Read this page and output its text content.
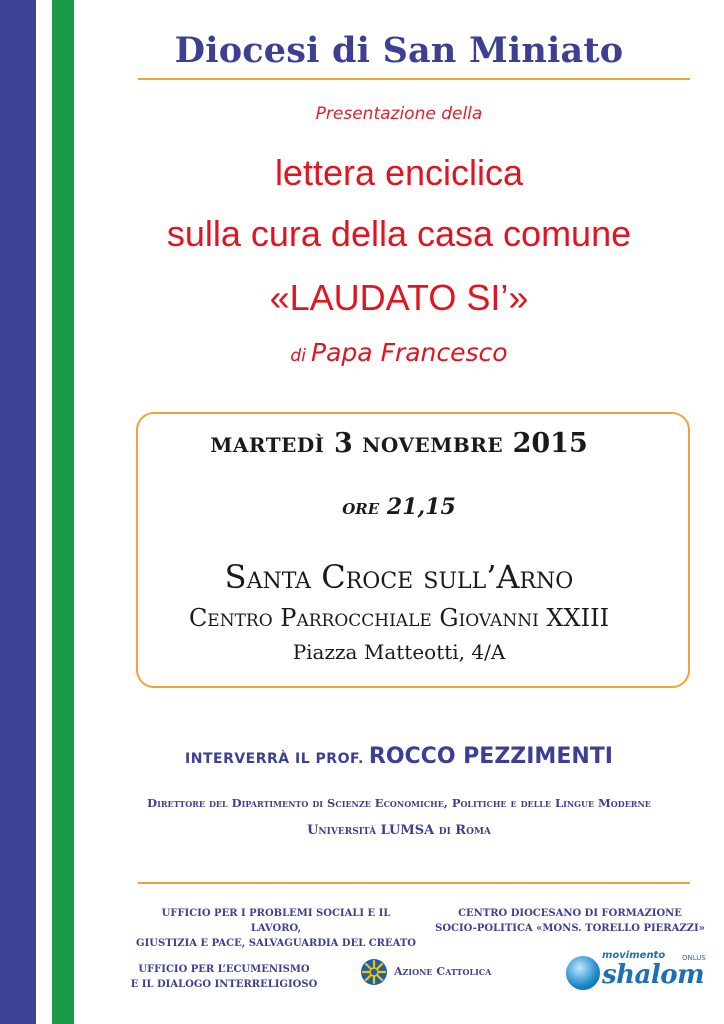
Diocesi di San Miniato
Presentazione della
lettera enciclica
sulla cura della casa comune
«LAUDATO SI’»
di Papa Francesco
MARTEDÌ 3 NOVEMBRE 2015
ORE 21,15
Santa Croce sull’Arno
Centro Parrocchiale Giovanni XXIII
Piazza Matteotti, 4/A
INTERVERRÀ IL PROF. ROCCO PEZZIMENTI
Direttore del Dipartimento di Scienze Economiche, Politiche e delle Lingue Moderne
Università LUMSA di Roma
UFFICIO PER I PROBLEMI SOCIALI E IL LAVORO,
GIUSTIZIA E PACE, SALVAGUARDIA DEL CREATO
CENTRO DIOCESANO DI FORMAZIONE
SOCIO-POLITICA «MONS. TORELLO PIERAZZI»
UFFICIO PER L’ECUMENISMO
E IL DIALOGO INTERRELIGIOSO
Azione Cattolica
movimento
shalom
ONLUS
